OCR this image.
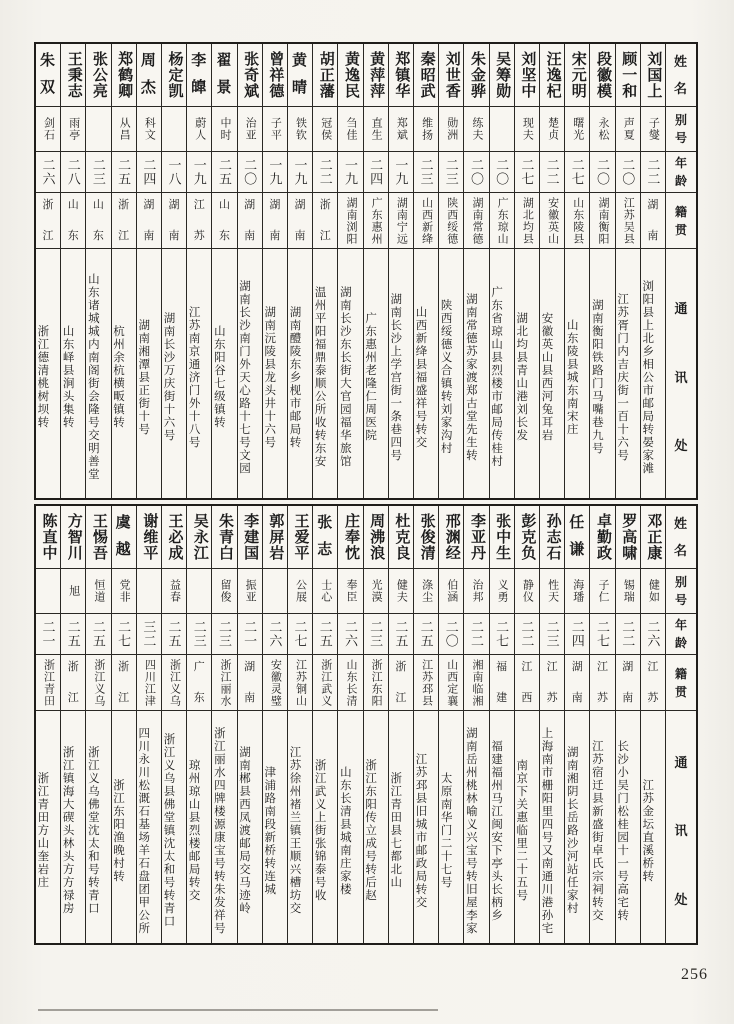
姓
名
别
号
年
龄
籍
贯
通
讯
处
刘国上
子燮
二二
湖
南
浏阳县上北乡相公市邮局转晏家滩
顾一和
声夏
二〇
江苏吴县
江苏胥门内吉庆街一百十六号
段徽模
永松
二〇
湖南衡阳
湖南衡阳铁路门马嘴巷九号
宋元明
曙光
二七
山东陵县
山东陵县城东南宋庄
汪逸杞
楚贞
二二
安徽英山
安徽英山县西河兔耳岩
刘坚中
现夫
二七
湖北均县
湖北均县青山港刘长发
吴筹勋
二〇
广东琼山
广东省琼山县烈楼市邮局传桂村
朱金骅
练夫
二〇
湖南常德
湖南常德苏家渡郑古堂先生转
刘世香
勋洲
二三
陕西绥德
陕西绥德义合镇转刘家沟村
秦昭武
维扬
二三
山西新绛
山西新绛县福盛祥号转交
郑镇华
郑斌
一九
湖南宁远
湖南长沙上学宫街一条巷四号
黄萍萍
直生
二四
广东惠州
广东惠州老隆仁周医院
黄逸民
刍佳
一九
湖南浏阳
湖南长沙东长街大官园福华旅馆
胡正藩
冠侯
二二
浙
江
温州平阳福鼎泰顺公所收转东安
黄
晴
铁钦
一九
湖
南
湖南醴陵东乡枧市邮局转
曾祥德
子平
一九
湖
南
湖南沅陵县龙头井十六号
张奇斌
治亚
二〇
湖
南
湖南长沙南门外天心路十七号文园
翟
景
中时
二五
山
东
山东阳谷七级镇转
李
皥
蔚人
一九
江
苏
江苏南京通济门外十八号
杨定凯
一八
湖
南
湖南长沙万庆街十六号
周
杰
科文
二四
湖
南
湖南湘潭县正街十号
郑鹤卿
从昌
二五
浙
江
杭州余杭横畈镇转
张公亮
二三
山
东
山东诸城城内南阁街会隆号交明善堂
王秉志
雨亭
二八
山
东
山东峄县涧头集转
朱
双
剑石
二六
浙
江
浙江德清桃树坝转
姓
名
别
号
年
龄
籍
贯
通
讯
处
邓正康
健如
二六
江
苏
江苏金坛直溪桥转
罗高啸
锡瑞
二二
湖
南
长沙小吴门松桂园十一号高宅转
卓勤政
子仁
二七
江
苏
江苏宿迁县新盛街卓氏宗祠转交
任
谦
海璠
二四
湖
南
湖南湘阴长岳路沙河站任家村
孙志石
性天
二三
江
苏
上海南市栅阳里四号又南通川港孙宅
彭克负
静仪
二二
江
西
南京下关惠临里二十五号
张中生
义勇
二七
福
建
福建福州马江闽安下亭头长柄乡
李亚丹
治邦
二二
湘南临湘
湖南岳州桃林喻义兴宝号转旧屋李家
邢渊经
伯涵
二〇
山西定襄
太原南华门二十七号
张俊清
涤尘
二五
江苏邳县
江苏邳县旧城市邮政局转交
杜克良
健夫
二五
浙
江
浙江青田县七都北山
周沸浪
光漠
二三
浙江东阳
浙江东阳传立成号转后赵
庄奉忱
奉臣
二六
山东长清
山东长清县城南庄家楼
张
志
士心
二五
浙江武义
浙江武义上街张锦泰号收
王爱平
公展
二七
江苏铜山
江苏徐州褚兰镇王顺兴槽坊交
郭屏岩
二六
安徽灵璧
津浦路南段新桥转连城
李建国
振亚
二一
湖
南
湖南郴县西凤渡邮局交马迹岭
朱青白
留俊
二三
浙江丽水
浙江丽水四牌楼源康宝号转朱发祥号
吴永江
二三
广
东
琼州琼山县烈楼邮局转交
王必成
益春
二五
浙江义乌
浙江义乌县佛堂镇沈太和号转青口
谢维平
三二
四川江津
四川永川松溉石基场羊石盘团甲公所
虞
越
党非
二七
浙
江
浙江东阳渔晚村转
王惕吾
恒道
二五
浙江义乌
浙江义乌佛堂沈太和号转青口
方智川
旭
二五
浙
江
浙江镇海大碶头林头方方禄房
陈直中
二一
浙江青田
浙江青田方山奎岩庄
256
